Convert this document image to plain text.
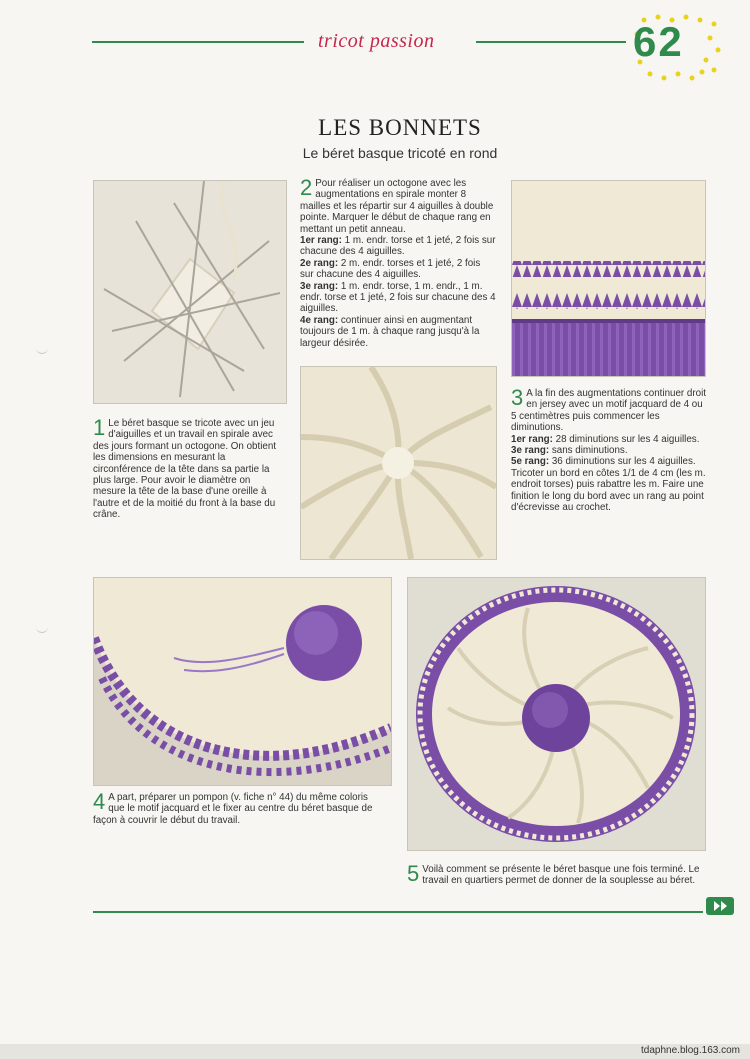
tricot passion	62
LES BONNETS
Le béret basque tricoté en rond
1 Le béret basque se tricote avec un jeu d'aiguilles et un travail en spirale avec des jours formant un octogone. On obtient les dimensions en mesurant la circonférence de la tête dans sa partie la plus large. Pour avoir le diamètre on mesure la tête de la base d'une oreille à l'autre et de la moitié du front à la base du crâne.
2 Pour réaliser un octogone avec les augmentations en spirale monter 8 mailles et les répartir sur 4 aiguilles à double pointe. Marquer le début de chaque rang en mettant un petit anneau.
1er rang: 1 m. endr. torse et 1 jeté, 2 fois sur chacune des 4 aiguilles.
2e rang: 2 m. endr. torses et 1 jeté, 2 fois sur chacune des 4 aiguilles.
3e rang: 1 m. endr. torse, 1 m. endr., 1 m. endr. torse et 1 jeté, 2 fois sur chacune des 4 aiguilles.
4e rang: continuer ainsi en augmentant toujours de 1 m. à chaque rang jusqu'à la largeur désirée.
3 A la fin des augmentations continuer droit en jersey avec un motif jacquard de 4 ou 5 centimètres puis commencer les diminutions.
1er rang: 28 diminutions sur les 4 aiguilles.
3e rang: sans diminutions.
5e rang: 36 diminutions sur les 4 aiguilles.
Tricoter un bord en côtes 1/1 de 4 cm (les m. endroit torses) puis rabattre les m. Faire une finition le long du bord avec un rang au point d'écrevisse au crochet.
4 A part, préparer un pompon (v. fiche n° 44) du même coloris que le motif jacquard et le fixer au centre du béret basque de façon à couvrir le début du travail.
5 Voilà comment se présente le béret basque une fois terminé. Le travail en quartiers permet de donner de la souplesse au béret.
tdaphne.blog.163.com
